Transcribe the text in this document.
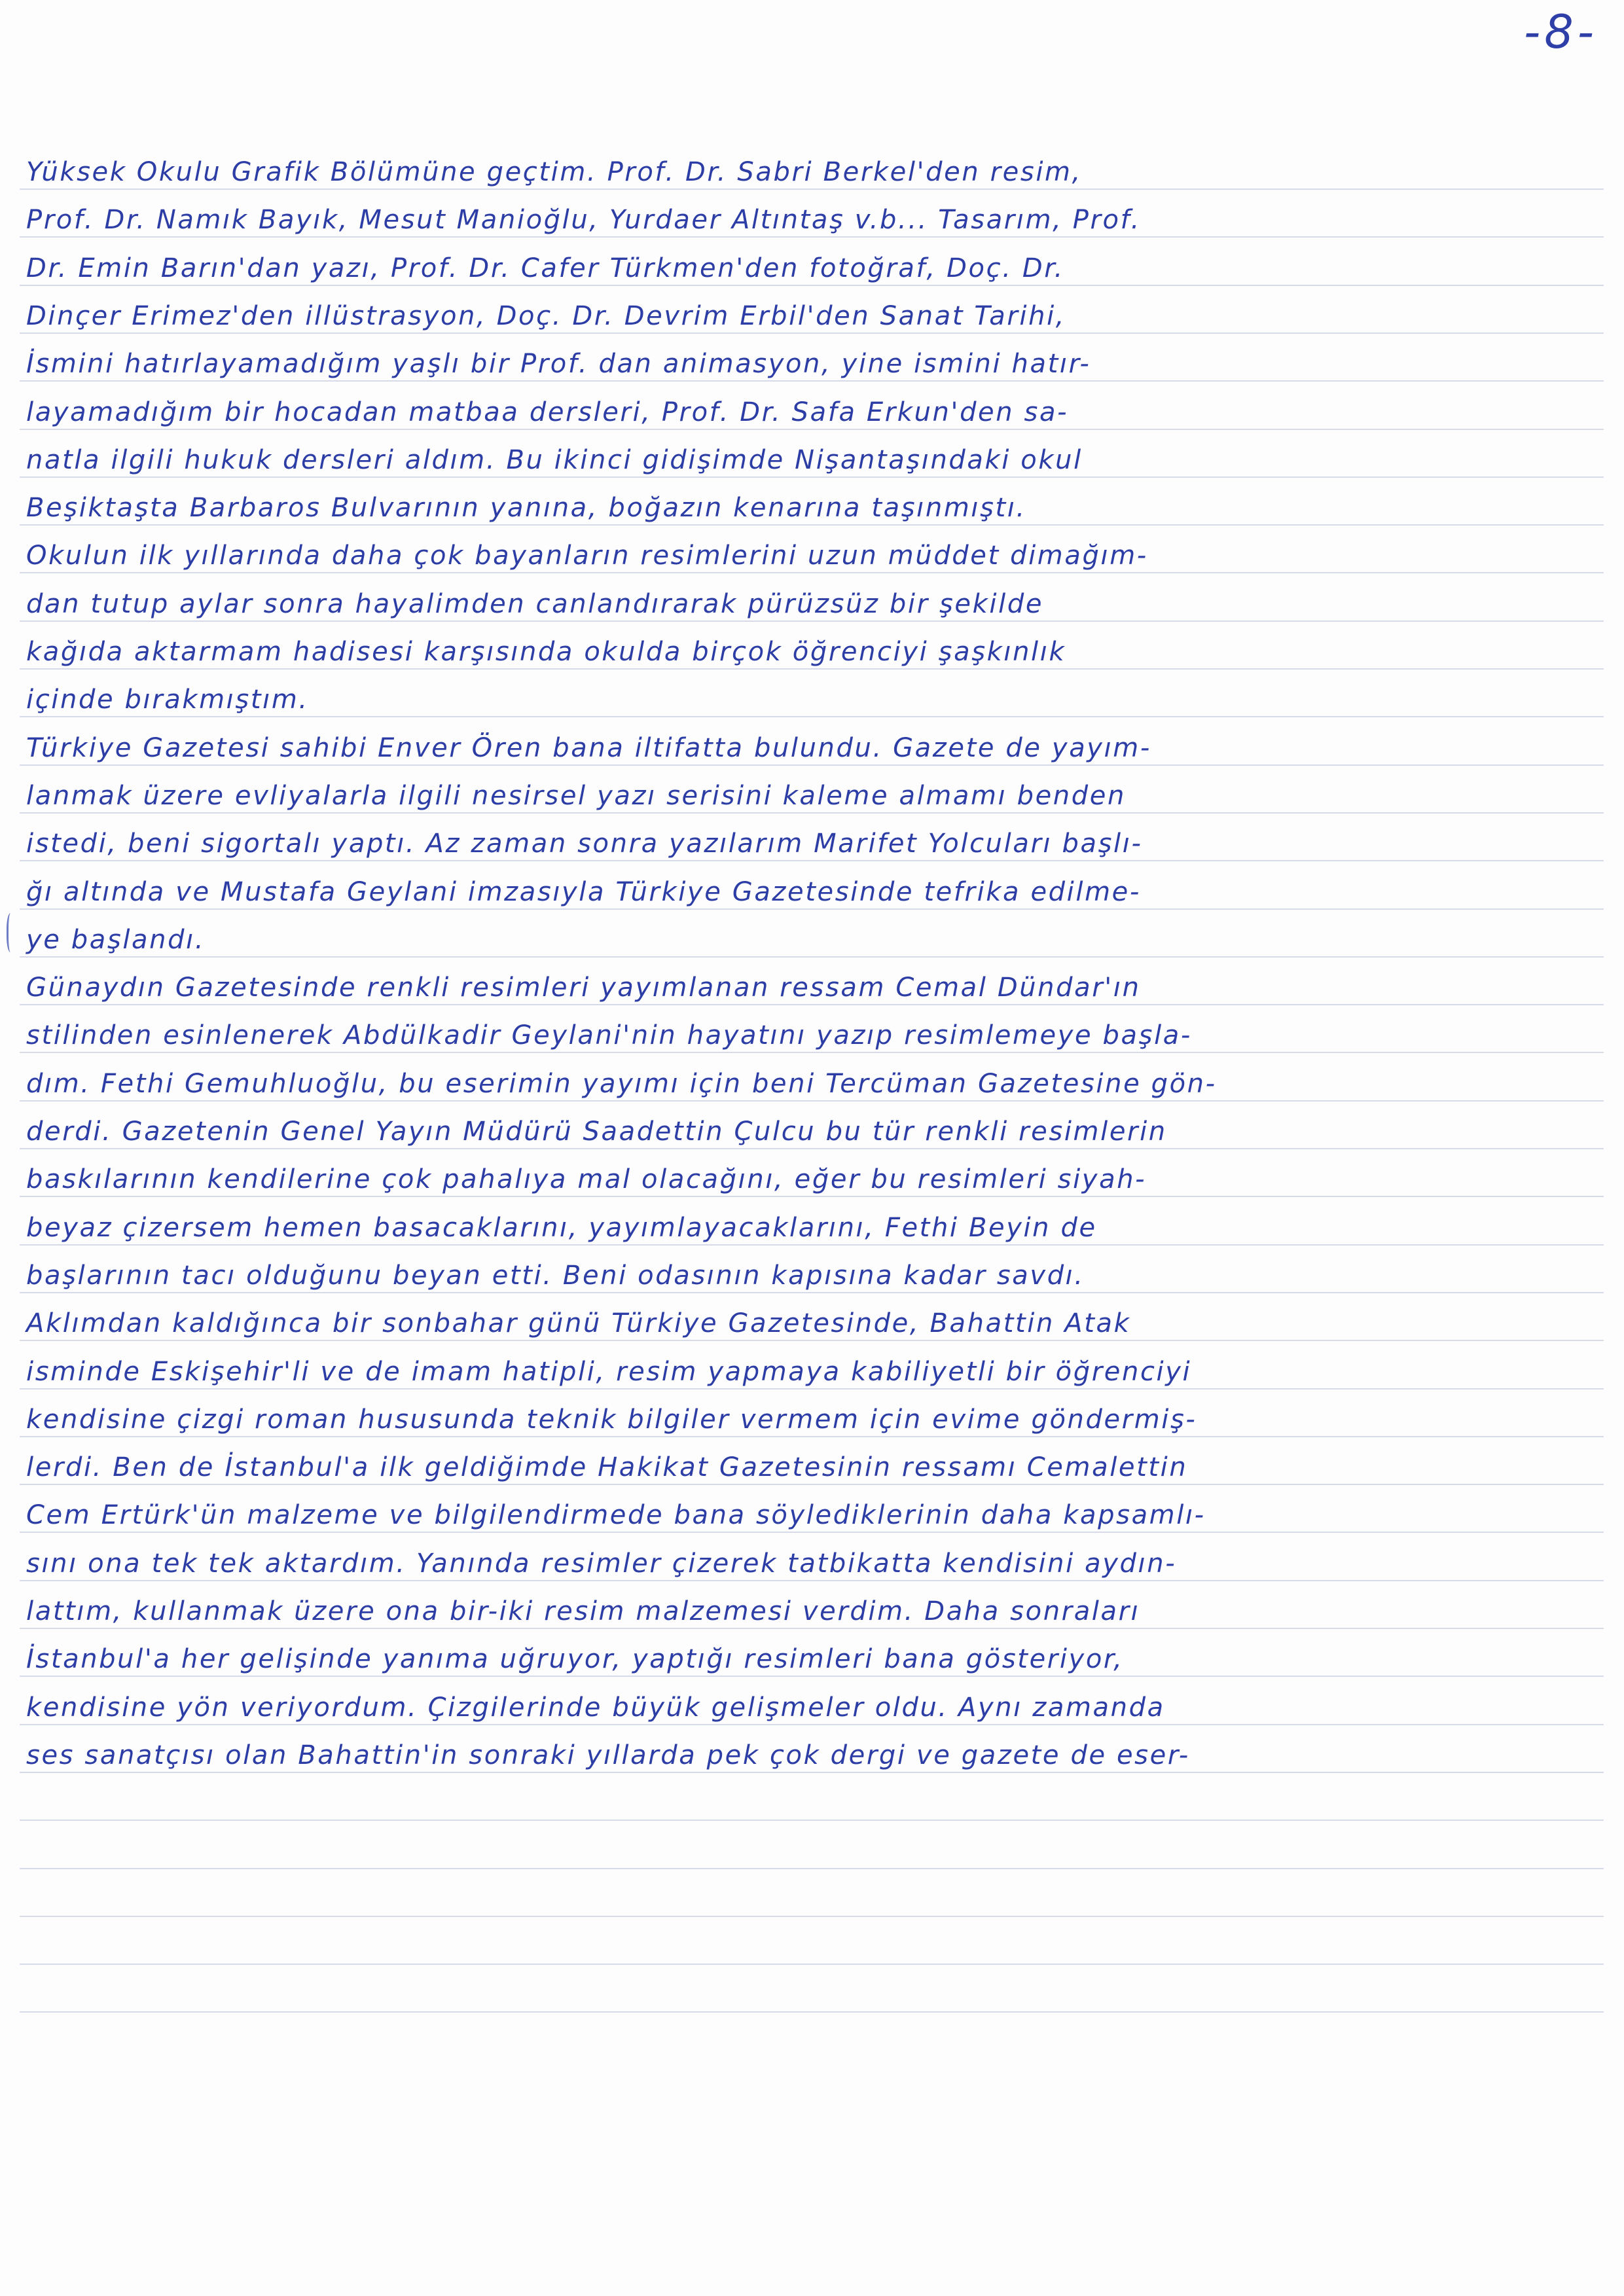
-8-
Yüksek Okulu Grafik Bölümüne geçtim. Prof. Dr. Sabri Berkel'den resim,
Prof. Dr. Namık Bayık, Mesut Manioğlu, Yurdaer Altıntaş v.b... Tasarım, Prof.
Dr. Emin Barın'dan yazı, Prof. Dr. Cafer Türkmen'den fotoğraf, Doç. Dr.
Dinçer Erimez'den illüstrasyon, Doç. Dr. Devrim Erbil'den Sanat Tarihi,
İsmini hatırlayamadığım yaşlı bir Prof. dan animasyon, yine ismini hatır-
layamadığım bir hocadan matbaa dersleri, Prof. Dr. Safa Erkun'den sa-
natla ilgili hukuk dersleri aldım. Bu ikinci gidişimde Nişantaşındaki okul
Beşiktaşta Barbaros Bulvarının yanına, boğazın kenarına taşınmıştı.
Okulun ilk yıllarında daha çok bayanların resimlerini uzun müddet dimağım-
dan tutup aylar sonra hayalimden canlandırarak pürüzsüz bir şekilde
kağıda aktarmam hadisesi karşısında okulda birçok öğrenciyi şaşkınlık
içinde bırakmıştım.
Türkiye Gazetesi sahibi Enver Ören bana iltifatta bulundu. Gazete de yayım-
lanmak üzere evliyalarla ilgili nesirsel yazı serisini kaleme almamı benden
istedi, beni sigortalı yaptı. Az zaman sonra yazılarım Marifet Yolcuları başlı-
ğı altında ve Mustafa Geylani imzasıyla Türkiye Gazetesinde tefrika edilme-
ye başlandı.
Günaydın Gazetesinde renkli resimleri yayımlanan ressam Cemal Dündar'ın
stilinden esinlenerek Abdülkadir Geylani'nin hayatını yazıp resimlemeye başla-
dım. Fethi Gemuhluoğlu, bu eserimin yayımı için beni Tercüman Gazetesine gön-
derdi. Gazetenin Genel Yayın Müdürü Saadettin Çulcu bu tür renkli resimlerin
baskılarının kendilerine çok pahalıya mal olacağını, eğer bu resimleri siyah-
beyaz çizersem hemen basacaklarını, yayımlayacaklarını, Fethi Beyin de
başlarının tacı olduğunu beyan etti. Beni odasının kapısına kadar savdı.
Aklımdan kaldığınca bir sonbahar günü Türkiye Gazetesinde, Bahattin Atak
isminde Eskişehir'li ve de imam hatipli, resim yapmaya kabiliyetli bir öğrenciyi
kendisine çizgi roman hususunda teknik bilgiler vermem için evime göndermiş-
lerdi. Ben de İstanbul'a ilk geldiğimde Hakikat Gazetesinin ressamı Cemalettin
Cem Ertürk'ün malzeme ve bilgilendirmede bana söylediklerinin daha kapsamlı-
sını ona tek tek aktardım. Yanında resimler çizerek tatbikatta kendisini aydın-
lattım, kullanmak üzere ona bir-iki resim malzemesi verdim. Daha sonraları
İstanbul'a her gelişinde yanıma uğruyor, yaptığı resimleri bana gösteriyor,
kendisine yön veriyordum. Çizgilerinde büyük gelişmeler oldu. Aynı zamanda
ses sanatçısı olan Bahattin'in sonraki yıllarda pek çok dergi ve gazete de eser-
